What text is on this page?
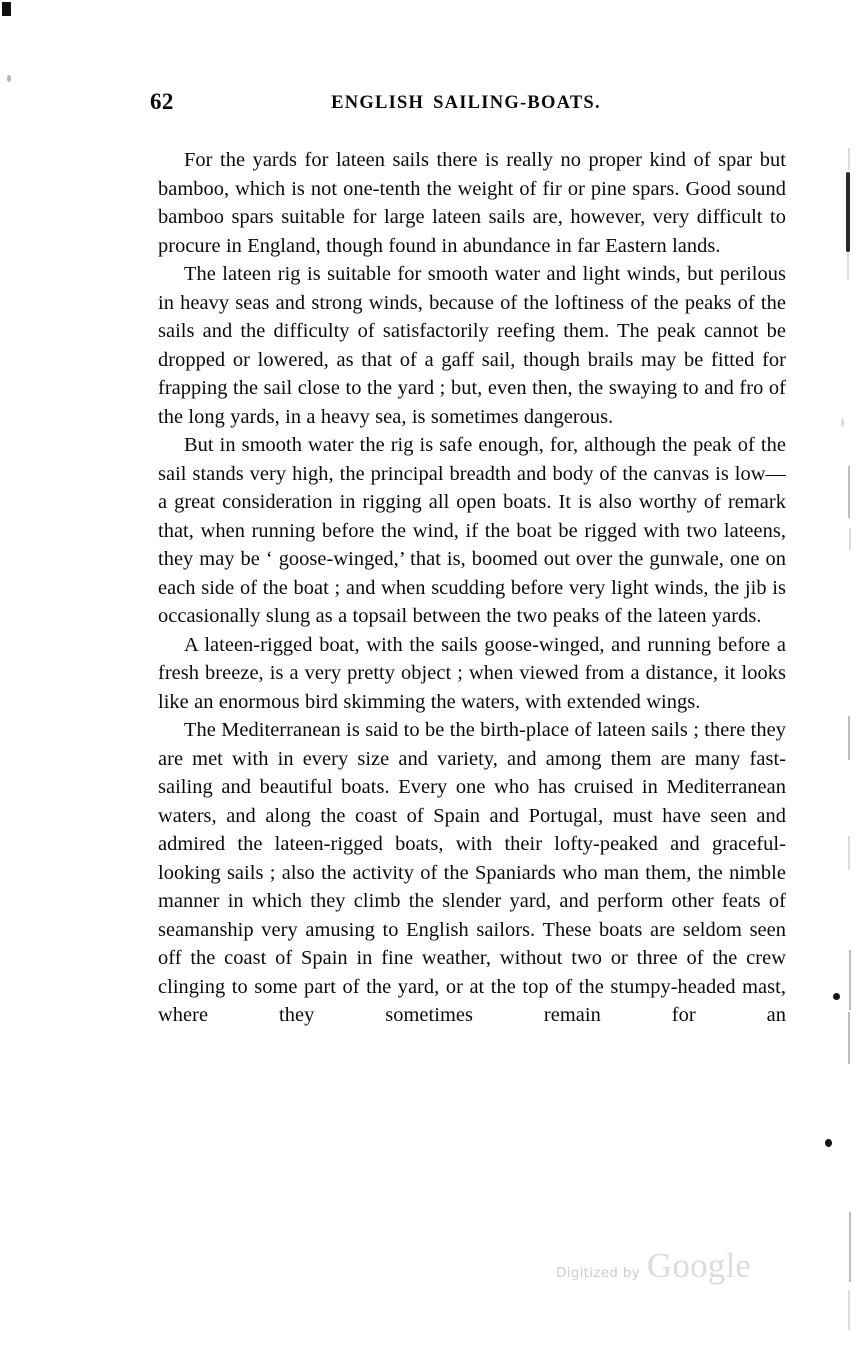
62	ENGLISH SAILING-BOATS.

For the yards for lateen sails there is really no proper kind of spar but bamboo, which is not one-tenth the weight of fir or pine spars. Good sound bamboo spars suitable for large lateen sails are, however, very difficult to procure in England, though found in abundance in far Eastern lands.

The lateen rig is suitable for smooth water and light winds, but perilous in heavy seas and strong winds, because of the loftiness of the peaks of the sails and the difficulty of satisfactorily reefing them. The peak cannot be dropped or lowered, as that of a gaff sail, though brails may be fitted for frapping the sail close to the yard ; but, even then, the swaying to and fro of the long yards, in a heavy sea, is sometimes dangerous.

But in smooth water the rig is safe enough, for, although the peak of the sail stands very high, the principal breadth and body of the canvas is low—a great consideration in rigging all open boats. It is also worthy of remark that, when running before the wind, if the boat be rigged with two lateens, they may be ‘ goose-winged,’ that is, boomed out over the gunwale, one on each side of the boat ; and when scudding before very light winds, the jib is occasionally slung as a topsail between the two peaks of the lateen yards.

A lateen-rigged boat, with the sails goose-winged, and running before a fresh breeze, is a very pretty object ; when viewed from a distance, it looks like an enormous bird skimming the waters, with extended wings.

The Mediterranean is said to be the birth-place of lateen sails ; there they are met with in every size and variety, and among them are many fast-sailing and beautiful boats. Every one who has cruised in Mediterranean waters, and along the coast of Spain and Portugal, must have seen and admired the lateen-rigged boats, with their lofty-peaked and graceful-looking sails ; also the activity of the Spaniards who man them, the nimble manner in which they climb the slender yard, and perform other feats of seamanship very amusing to English sailors. These boats are seldom seen off the coast of Spain in fine weather, without two or three of the crew clinging to some part of the yard, or at the top of the stumpy-headed mast, where they sometimes remain for an

Digitized by Google
